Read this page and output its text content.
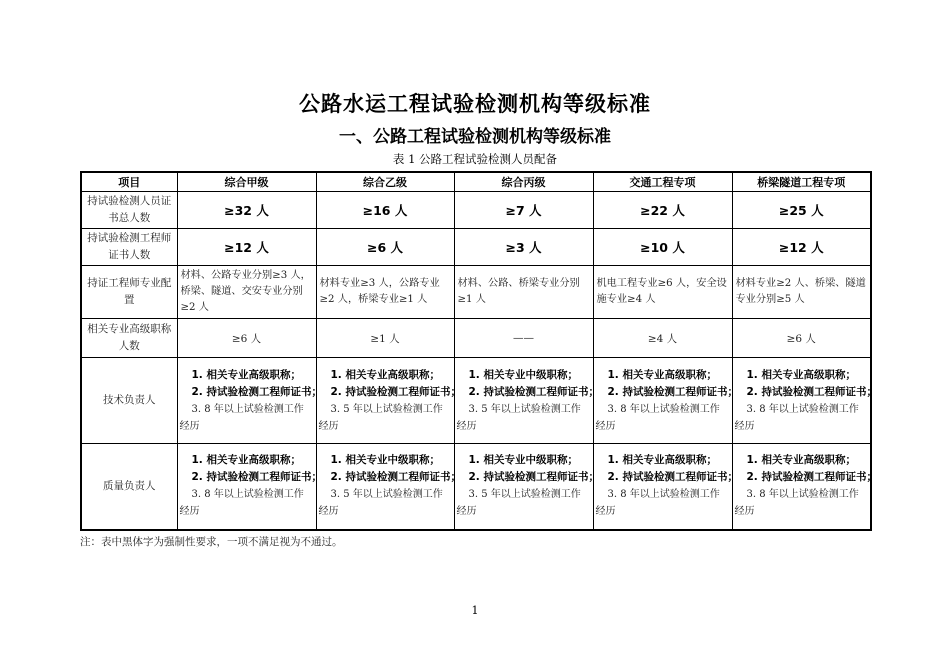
公路水运工程试验检测机构等级标准
一、公路工程试验检测机构等级标准
表 1 公路工程试验检测人员配备
项目	综合甲级	综合乙级	综合丙级	交通工程专项	桥梁隧道工程专项
持试验检测人员证书总人数	≥32 人	≥16 人	≥7 人	≥22 人	≥25 人
持试验检测工程师证书人数	≥12 人	≥6 人	≥3 人	≥10 人	≥12 人
持证工程师专业配置	材料、公路专业分别≥3 人，桥梁、隧道、交安专业分别≥2 人	材料专业≥3 人，公路专业≥2 人，桥梁专业≥1 人	材料、公路、桥梁专业分别≥1 人	机电工程专业≥6 人，安全设施专业≥4 人	材料专业≥2 人、桥梁、隧道专业分别≥5 人
相关专业高级职称人数	≥6 人	≥1 人	——	≥4 人	≥6 人
技术负责人	1. 相关专业高级职称；
2. 持试验检测工程师证书；
3. 8 年以上试验检测工作经历	1. 相关专业高级职称；
2. 持试验检测工程师证书；
3. 5 年以上试验检测工作经历	1. 相关专业中级职称；
2. 持试验检测工程师证书；
3. 5 年以上试验检测工作经历	1. 相关专业高级职称；
2. 持试验检测工程师证书；
3. 8 年以上试验检测工作经历	1. 相关专业高级职称；
2. 持试验检测工程师证书；
3. 8 年以上试验检测工作经历

质量负责人	1. 相关专业高级职称；
2. 持试验检测工程师证书；
3. 8 年以上试验检测工作经历	1. 相关专业中级职称；
2. 持试验检测工程师证书；
3. 5 年以上试验检测工作经历	1. 相关专业中级职称；
2. 持试验检测工程师证书；
3. 5 年以上试验检测工作经历	1. 相关专业高级职称；
2. 持试验检测工程师证书；
3. 8 年以上试验检测工作经历	1. 相关专业高级职称；
2. 持试验检测工程师证书；
3. 8 年以上试验检测工作经历
注：表中黑体字为强制性要求，一项不满足视为不通过。
1
